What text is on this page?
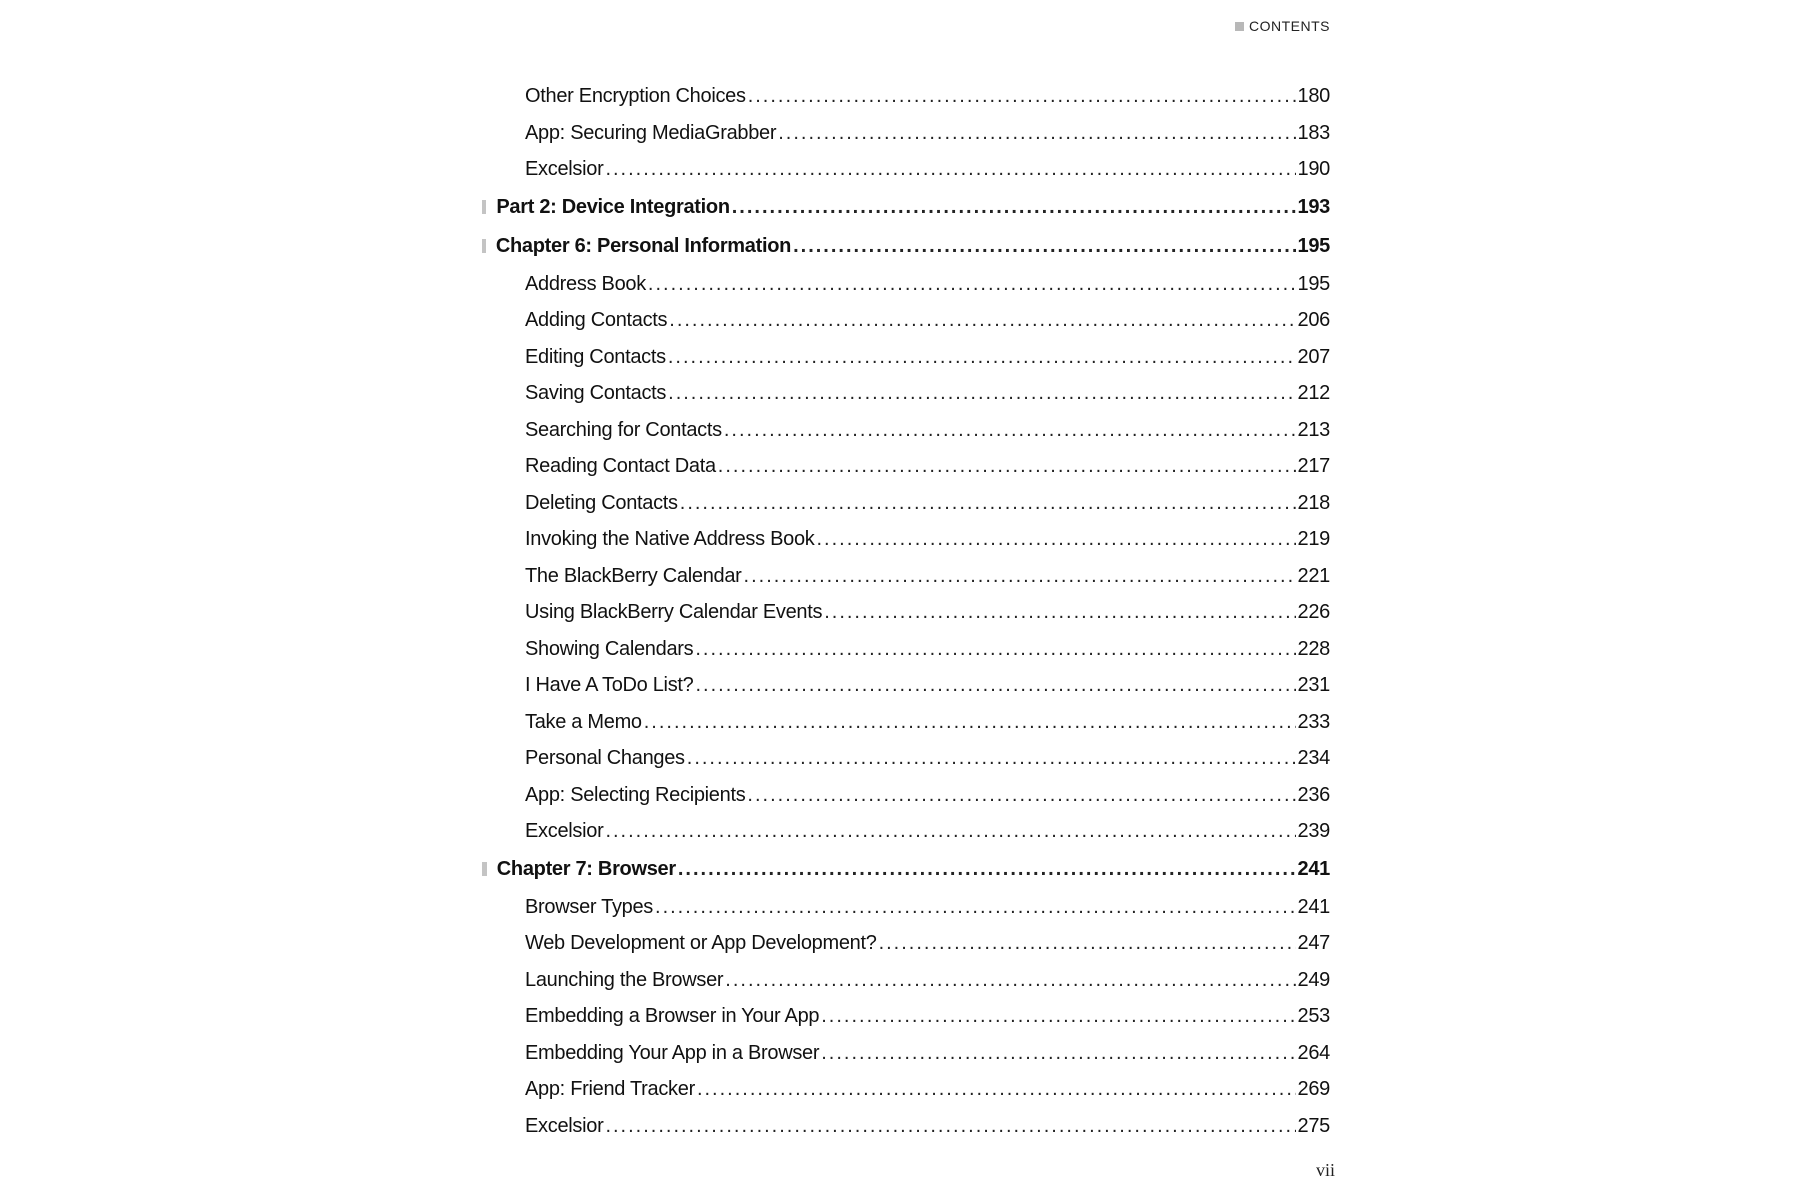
CONTENTS
Other Encryption Choices .....	180
App: Securing MediaGrabber .....	183
Excelsior .....	190
Part 2: Device Integration .....	193
Chapter 6: Personal Information .....	195
Address Book .....	195
Adding Contacts .....	206
Editing Contacts .....	207
Saving Contacts .....	212
Searching for Contacts .....	213
Reading Contact Data .....	217
Deleting Contacts .....	218
Invoking the Native Address Book .....	219
The BlackBerry Calendar .....	221
Using BlackBerry Calendar Events .....	226
Showing Calendars .....	228
I Have A ToDo List? .....	231
Take a Memo .....	233
Personal Changes .....	234
App: Selecting Recipients .....	236
Excelsior .....	239
Chapter 7: Browser .....	241
Browser Types .....	241
Web Development or App Development? .....	247
Launching the Browser .....	249
Embedding a Browser in Your App .....	253
Embedding Your App in a Browser .....	264
App: Friend Tracker .....	269
Excelsior .....	275
vii
